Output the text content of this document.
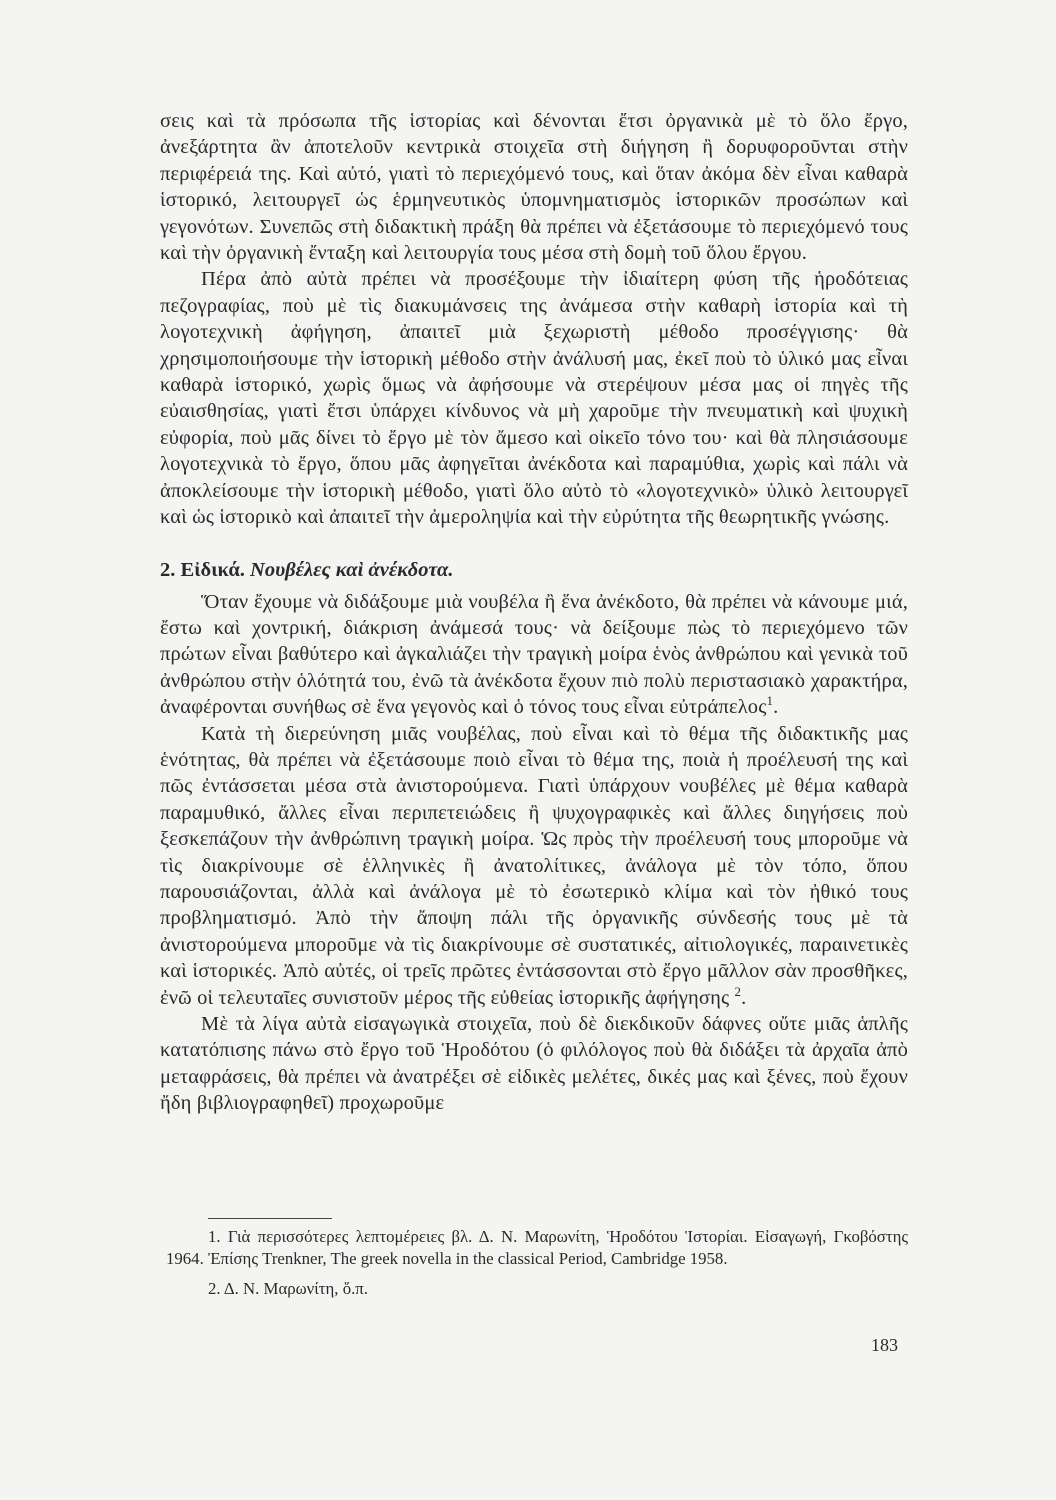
σεις καὶ τὰ πρόσωπα τῆς ἱστορίας καὶ δένονται ἔτσι ὀργανικὰ μὲ τὸ ὅλο ἔργο, ἀνεξάρτητα ἂν ἀποτελοῦν κεντρικὰ στοιχεῖα στὴ διήγηση ἢ δορυφοροῦνται στὴν περιφέρειά της. Καὶ αὐτό, γιατὶ τὸ περιεχόμενό τους, καὶ ὅταν ἀκόμα δὲν εἶναι καθαρὰ ἱστορικό, λειτουργεῖ ὡς ἑρμηνευτικὸς ὑπομνηματισμὸς ἱστορικῶν προσώπων καὶ γεγονότων. Συνεπῶς στὴ διδακτικὴ πράξη θὰ πρέπει νὰ ἐξετάσουμε τὸ περιεχόμενό τους καὶ τὴν ὀργανικὴ ἔνταξη καὶ λειτουργία τους μέσα στὴ δομὴ τοῦ ὅλου ἔργου.

Πέρα ἀπὸ αὐτὰ πρέπει νὰ προσέξουμε τὴν ἰδιαίτερη φύση τῆς ἡροδότειας πεζογραφίας, ποὺ μὲ τὶς διακυμάνσεις της ἀνάμεσα στὴν καθαρὴ ἱστορία καὶ τὴ λογοτεχνικὴ ἀφήγηση, ἀπαιτεῖ μιὰ ξεχωριστὴ μέθοδο προσέγγισης· θὰ χρησιμοποιήσουμε τὴν ἱστορικὴ μέθοδο στὴν ἀνάλυσή μας, ἐκεῖ ποὺ τὸ ὑλικό μας εἶναι καθαρὰ ἱστορικό, χωρὶς ὅμως νὰ ἀφήσουμε νὰ στερέψουν μέσα μας οἱ πηγὲς τῆς εὐαισθησίας, γιατὶ ἔτσι ὑπάρχει κίνδυνος νὰ μὴ χαροῦμε τὴν πνευματικὴ καὶ ψυχικὴ εὐφορία, ποὺ μᾶς δίνει τὸ ἔργο μὲ τὸν ἄμεσο καὶ οἰκεῖο τόνο του· καὶ θὰ πλησιάσουμε λογοτεχνικὰ τὸ ἔργο, ὅπου μᾶς ἀφηγεῖται ἀνέκδοτα καὶ παραμύθια, χωρὶς καὶ πάλι νὰ ἀποκλείσουμε τὴν ἱστορικὴ μέθοδο, γιατὶ ὅλο αὐτὸ τὸ «λογοτεχνικὸ» ὑλικὸ λειτουργεῖ καὶ ὡς ἱστορικὸ καὶ ἀπαιτεῖ τὴν ἀμεροληψία καὶ τὴν εὐρύτητα τῆς θεωρητικῆς γνώσης.

2. Εἰδικά. Νουβέλες καὶ ἀνέκδοτα.

Ὅταν ἔχουμε νὰ διδάξουμε μιὰ νουβέλα ἢ ἕνα ἀνέκδοτο, θὰ πρέπει νὰ κάνουμε μιά, ἔστω καὶ χοντρική, διάκριση ἀνάμεσά τους· νὰ δείξουμε πὼς τὸ περιεχόμενο τῶν πρώτων εἶναι βαθύτερο καὶ ἀγκαλιάζει τὴν τραγικὴ μοίρα ἑνὸς ἀνθρώπου καὶ γενικὰ τοῦ ἀνθρώπου στὴν ὁλότητά του, ἐνῶ τὰ ἀνέκδοτα ἔχουν πιὸ πολὺ περιστασιακὸ χαρακτήρα, ἀναφέρονται συνήθως σὲ ἕνα γεγονὸς καὶ ὁ τόνος τους εἶναι εὐτράπελος$^1$.

Κατὰ τὴ διερεύνηση μιᾶς νουβέλας, ποὺ εἶναι καὶ τὸ θέμα τῆς διδακτικῆς μας ἑνότητας, θὰ πρέπει νὰ ἐξετάσουμε ποιὸ εἶναι τὸ θέμα της, ποιὰ ἡ προέλευσή της καὶ πῶς ἐντάσσεται μέσα στὰ ἀνιστορούμενα. Γιατὶ ὑπάρχουν νουβέλες μὲ θέμα καθαρὰ παραμυθικό, ἄλλες εἶναι περιπετειώδεις ἢ ψυχογραφικὲς καὶ ἄλλες διηγήσεις ποὺ ξεσκεπάζουν τὴν ἀνθρώπινη τραγικὴ μοίρα. Ὡς πρὸς τὴν προέλευσή τους μποροῦμε νὰ τὶς διακρίνουμε σὲ ἑλληνικὲς ἢ ἀνατολίτικες, ἀνάλογα μὲ τὸν τόπο, ὅπου παρουσιάζονται, ἀλλὰ καὶ ἀνάλογα μὲ τὸ ἐσωτερικὸ κλίμα καὶ τὸν ἠθικό τους προβληματισμό. Ἀπὸ τὴν ἄποψη πάλι τῆς ὀργανικῆς σύνδεσής τους μὲ τὰ ἀνιστορούμενα μποροῦμε νὰ τὶς διακρίνουμε σὲ συστατικές, αἰτιολογικές, παραινετικὲς καὶ ἱστορικές. Ἀπὸ αὐτές, οἱ τρεῖς πρῶτες ἐντάσσονται στὸ ἔργο μᾶλλον σὰν προσθῆκες, ἐνῶ οἱ τελευταῖες συνιστοῦν μέρος τῆς εὐθείας ἱστορικῆς ἀφήγησης $^2$.

Μὲ τὰ λίγα αὐτὰ εἰσαγωγικὰ στοιχεῖα, ποὺ δὲ διεκδικοῦν δάφνες οὔτε μιᾶς ἁπλῆς κατατόπισης πάνω στὸ ἔργο τοῦ Ἡροδότου (ὁ φιλόλογος ποὺ θὰ διδάξει τὰ ἀρχαῖα ἀπὸ μεταφράσεις, θὰ πρέπει νὰ ἀνατρέξει σὲ εἰδικὲς μελέτες, δικές μας καὶ ξένες, ποὺ ἔχουν ἤδη βιβλιογραφηθεῖ) προχωροῦμε

1. Γιὰ περισσότερες λεπτομέρειες βλ. Δ. Ν. Μαρωνίτη, Ἡροδότου Ἱστορίαι. Εἰσαγωγή, Γκοβόστης 1964. Ἐπίσης Trenkner, The greek novella in the classical Period, Cambridge 1958.

2. Δ. Ν. Μαρωνίτη, ὅ.π.

183
